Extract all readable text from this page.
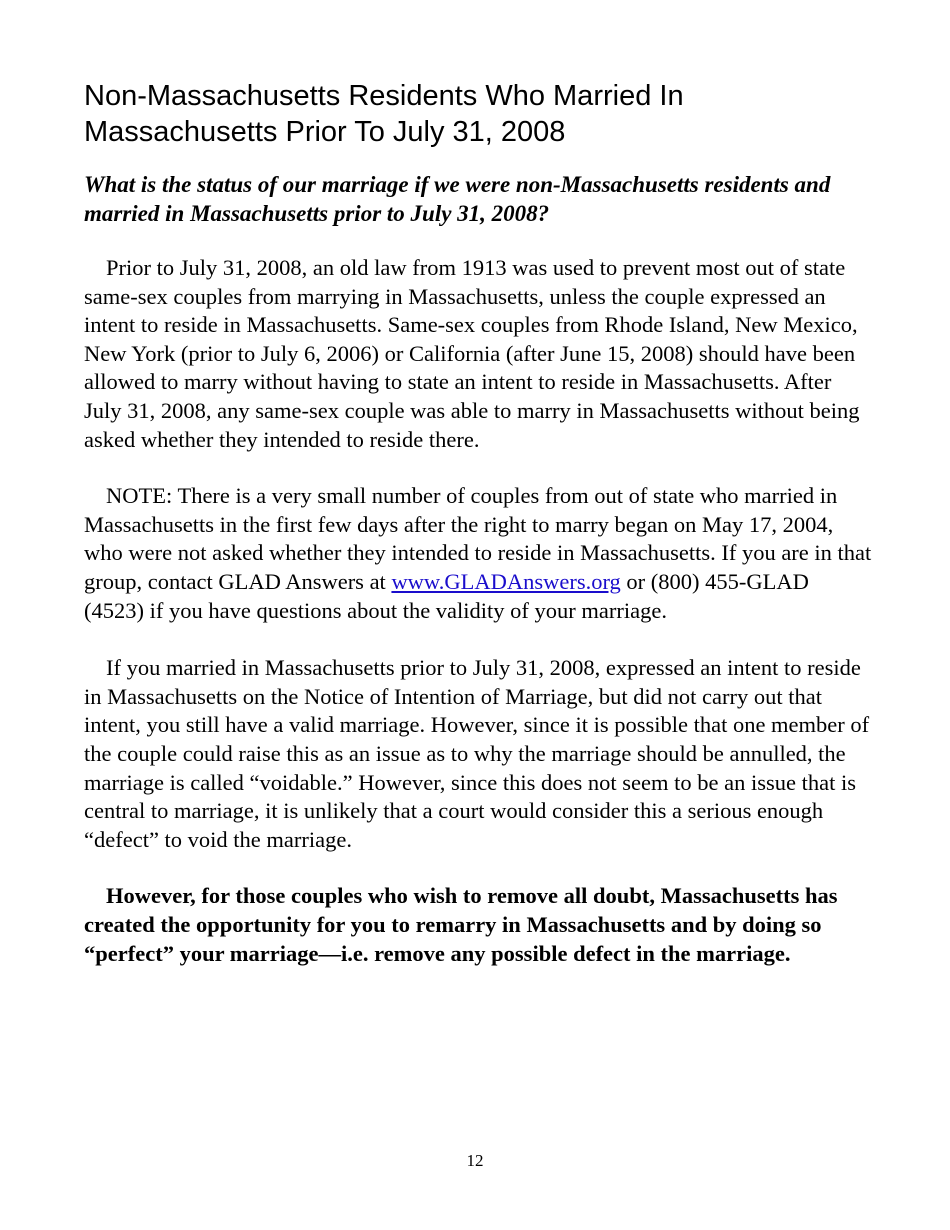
Non-Massachusetts Residents Who Married In
Massachusetts Prior To July 31, 2008

What is the status of our marriage if we were non-Massachusetts residents and married in Massachusetts prior to July 31, 2008?

Prior to July 31, 2008, an old law from 1913 was used to prevent most out of state same-sex couples from marrying in Massachusetts, unless the couple expressed an intent to reside in Massachusetts. Same-sex couples from Rhode Island, New Mexico, New York (prior to July 6, 2006) or California (after June 15, 2008) should have been allowed to marry without having to state an intent to reside in Massachusetts. After July 31, 2008, any same-sex couple was able to marry in Massachusetts without being asked whether they intended to reside there.

NOTE: There is a very small number of couples from out of state who married in Massachusetts in the first few days after the right to marry began on May 17, 2004, who were not asked whether they intended to reside in Massachusetts. If you are in that group, contact GLAD Answers at www.GLADAnswers.org or (800) 455-GLAD (4523) if you have questions about the validity of your marriage.

If you married in Massachusetts prior to July 31, 2008, expressed an intent to reside in Massachusetts on the Notice of Intention of Marriage, but did not carry out that intent, you still have a valid marriage. However, since it is possible that one member of the couple could raise this as an issue as to why the marriage should be annulled, the marriage is called “voidable.” However, since this does not seem to be an issue that is central to marriage, it is unlikely that a court would consider this a serious enough “defect” to void the marriage.

However, for those couples who wish to remove all doubt, Massachusetts has created the opportunity for you to remarry in Massachusetts and by doing so “perfect” your marriage—i.e. remove any possible defect in the marriage.

12
